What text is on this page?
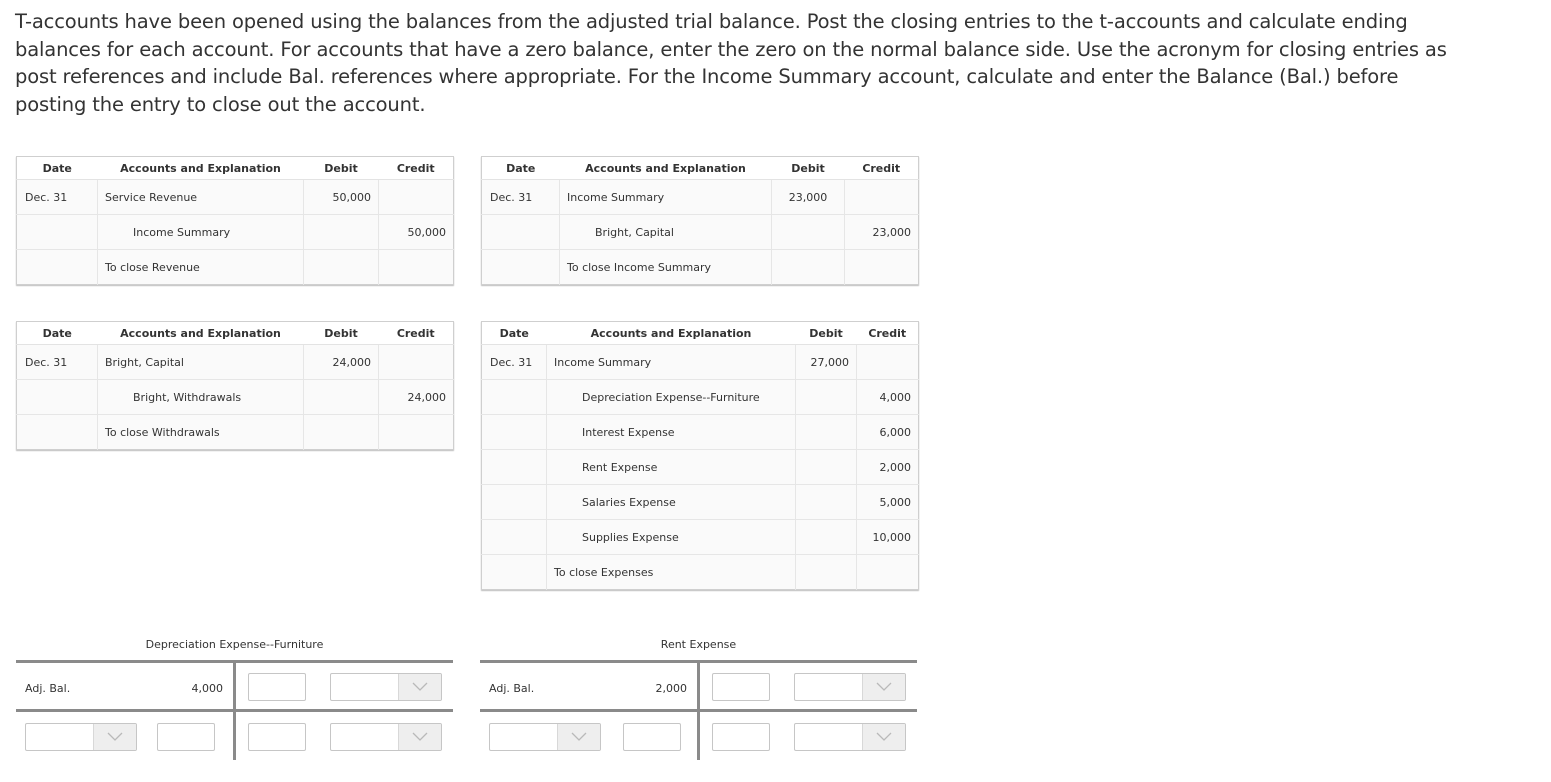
T-accounts have been opened using the balances from the adjusted trial balance. Post the closing entries to the t-accounts and calculate ending balances for each account. For accounts that have a zero balance, enter the zero on the normal balance side. Use the acronym for closing entries as post references and include Bal. references where appropriate. For the Income Summary account, calculate and enter the Balance (Bal.) before posting the entry to close out the account.

Date	Accounts and Explanation	Debit	Credit
Dec. 31	Service Revenue	50,000	
	Income Summary		50,000
	To close Revenue		
Date	Accounts and Explanation	Debit	Credit
Dec. 31	Income Summary	23,000	
	Bright, Capital		23,000
	To close Income Summary		
Date	Accounts and Explanation	Debit	Credit
Dec. 31	Bright, Capital	24,000	
	Bright, Withdrawals		24,000
	To close Withdrawals		
Date	Accounts and Explanation	Debit	Credit
Dec. 31	Income Summary	27,000	
	Depreciation Expense--Furniture		4,000
	Interest Expense		6,000
	Rent Expense		2,000
	Salaries Expense		5,000
	Supplies Expense		10,000
	To close Expenses		
Depreciation Expense--Furniture
Adj. Bal.	4,000
Rent Expense
Adj. Bal.	2,000
